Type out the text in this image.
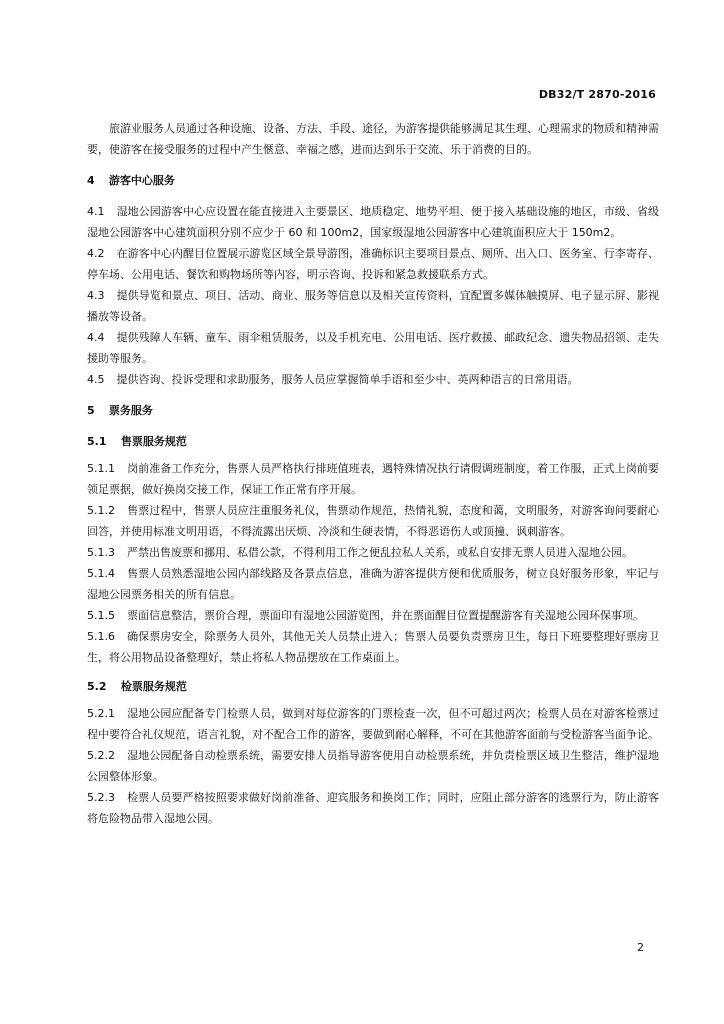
DB32/T 2870-2016

旅游业服务人员通过各种设施、设备、方法、手段、途径，为游客提供能够满足其生理、心理需求的物质和精神需要，使游客在接受服务的过程中产生愜意、幸福之感，进而达到乐于交流、乐于消费的目的。

4 游客中心服务

4.1 湿地公园游客中心应设置在能直接进入主要景区、地质稳定、地势平坦、便于接入基础设施的地区，市级、省级湿地公园游客中心建筑面积分别不应少于 60 和 100m2，国家级湿地公园游客中心建筑面积应大于 150m2。

4.2 在游客中心内醒目位置展示游览区域全景导游图，准确标识主要项目景点、厕所、出入口、医务室、行李寄存、停车场、公用电话、餐饮和购物场所等内容，明示咨询、投诉和紧急救援联系方式。

4.3 提供导览和景点、项目、活动、商业、服务等信息以及相关宣传资料，宜配置多媒体触摸屏、电子显示屏、影视播放等设备。

4.4 提供残障人车辆、童车、雨伞租赁服务，以及手机充电、公用电话、医疗救援、邮政纪念、遗失物品招领、走失援助等服务。

4.5 提供咨询、投诉受理和求助服务，服务人员应掌握简单手语和至少中、英两种语言的日常用语。

5 票务服务
5.1 售票服务规范

5.1.1 岗前准备工作充分，售票人员严格执行排班值班表，遇特殊情况执行请假调班制度，着工作服，正式上岗前要领足票据，做好换岗交接工作，保证工作正常有序开展。

5.1.2 售票过程中，售票人员应注重服务礼仪，售票动作规范，热情礼貌，态度和蔼，文明服务，对游客询问要耐心回答，并使用标准文明用语，不得流露出厌烦、冷淡和生硬表情，不得恶语伤人或顶撞、讽刺游客。

5.1.3 严禁出售废票和挪用、私借公款，不得利用工作之便乱拉私人关系，或私自安排无票人员进入湿地公园。

5.1.4 售票人员熟悉湿地公园内部线路及各景点信息，准确为游客提供方便和优质服务，树立良好服务形象，牢记与湿地公园票务相关的所有信息。

5.1.5 票面信息整洁，票价合理，票面印有湿地公园游览图，并在票面醒目位置提醒游客有关湿地公园环保事项。

5.1.6 确保票房安全，除票务人员外，其他无关人员禁止进入；售票人员要负责票房卫生，每日下班要整理好票房卫生，将公用物品设备整理好，禁止将私人物品摆放在工作桌面上。

5.2 检票服务规范

5.2.1 湿地公园应配备专门检票人员，做到对每位游客的门票检查一次，但不可超过两次；检票人员在对游客检票过程中要符合礼仪规范，语言礼貌，对不配合工作的游客，要做到耐心解释，不可在其他游客面前与受检游客当面争论。

5.2.2 湿地公园配备自动检票系统，需要安排人员指导游客使用自动检票系统，并负责检票区域卫生整洁，维护湿地公园整体形象。

5.2.3 检票人员要严格按照要求做好岗前准备、迎宾服务和换岗工作；同时，应阻止部分游客的逃票行为，防止游客将危险物品带入湿地公园。

2
